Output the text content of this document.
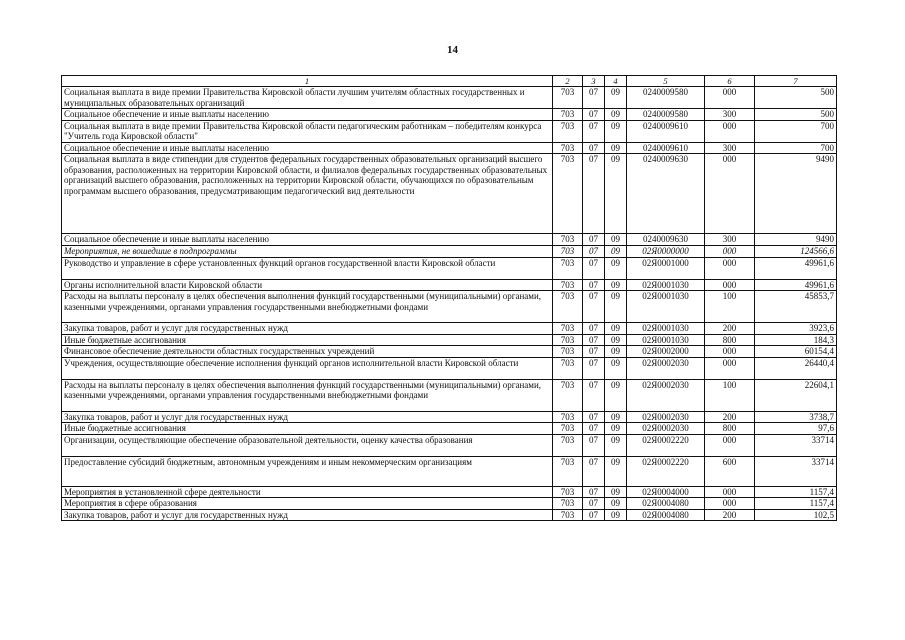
14
1	2	3	4	5	6	7
Социальная выплата в виде премии Правительства Кировской области лучшим учителям областных государственных и муниципальных образовательных организаций	703	07	09	0240009580	000	500
Социальное обеспечение и иные выплаты населению	703	07	09	0240009580	300	500
Социальная выплата в виде премии Правительства Кировской области педагогическим работникам – победителям конкурса "Учитель года Кировской области"	703	07	09	0240009610	000	700
Социальное обеспечение и иные выплаты населению	703	07	09	0240009610	300	700
Социальная выплата в виде стипендии для студентов федеральных государственных образовательных организаций высшего образования, расположенных на территории Кировской области, и филиалов федеральных государственных образовательных организаций высшего образования, расположенных на территории Кировской области, обучающихся по образовательным программам высшего образования, предусматривающим педагогический вид деятельности	703	07	09	0240009630	000	9490
Социальное обеспечение и иные выплаты населению	703	07	09	0240009630	300	9490
Мероприятия, не вошедшие в подпрограммы	703	07	09	02Я0000000	000	124566,6
Руководство и управление в сфере установленных функций органов государственной власти Кировской области	703	07	09	02Я0001000	000	49961,6
Органы исполнительной власти Кировской области	703	07	09	02Я0001030	000	49961,6
Расходы на выплаты персоналу в целях обеспечения выполнения функций государственными (муниципальными) органами, казенными учреждениями, органами управления государственными внебюджетными фондами	703	07	09	02Я0001030	100	45853,7
Закупка товаров, работ и услуг для государственных нужд	703	07	09	02Я0001030	200	3923,6
Иные бюджетные ассигнования	703	07	09	02Я0001030	800	184,3
Финансовое обеспечение деятельности областных государственных учреждений	703	07	09	02Я0002000	000	60154,4
Учреждения, осуществляющие обеспечение исполнения функций органов исполнительной власти Кировской области	703	07	09	02Я0002030	000	26440,4
Расходы на выплаты персоналу в целях обеспечения выполнения функций государственными (муниципальными) органами, казенными учреждениями, органами управления государственными внебюджетными фондами	703	07	09	02Я0002030	100	22604,1
Закупка товаров, работ и услуг для государственных нужд	703	07	09	02Я0002030	200	3738,7
Иные бюджетные ассигнования	703	07	09	02Я0002030	800	97,6
Организации, осуществляющие обеспечение образовательной деятельности, оценку качества образования	703	07	09	02Я0002220	000	33714
Предоставление субсидий бюджетным, автономным учреждениям и иным некоммерческим организациям	703	07	09	02Я0002220	600	33714
Мероприятия в установленной сфере деятельности	703	07	09	02Я0004000	000	1157,4
Мероприятия в сфере образования	703	07	09	02Я0004080	000	1157,4
Закупка товаров, работ и услуг для государственных нужд	703	07	09	02Я0004080	200	102,5
